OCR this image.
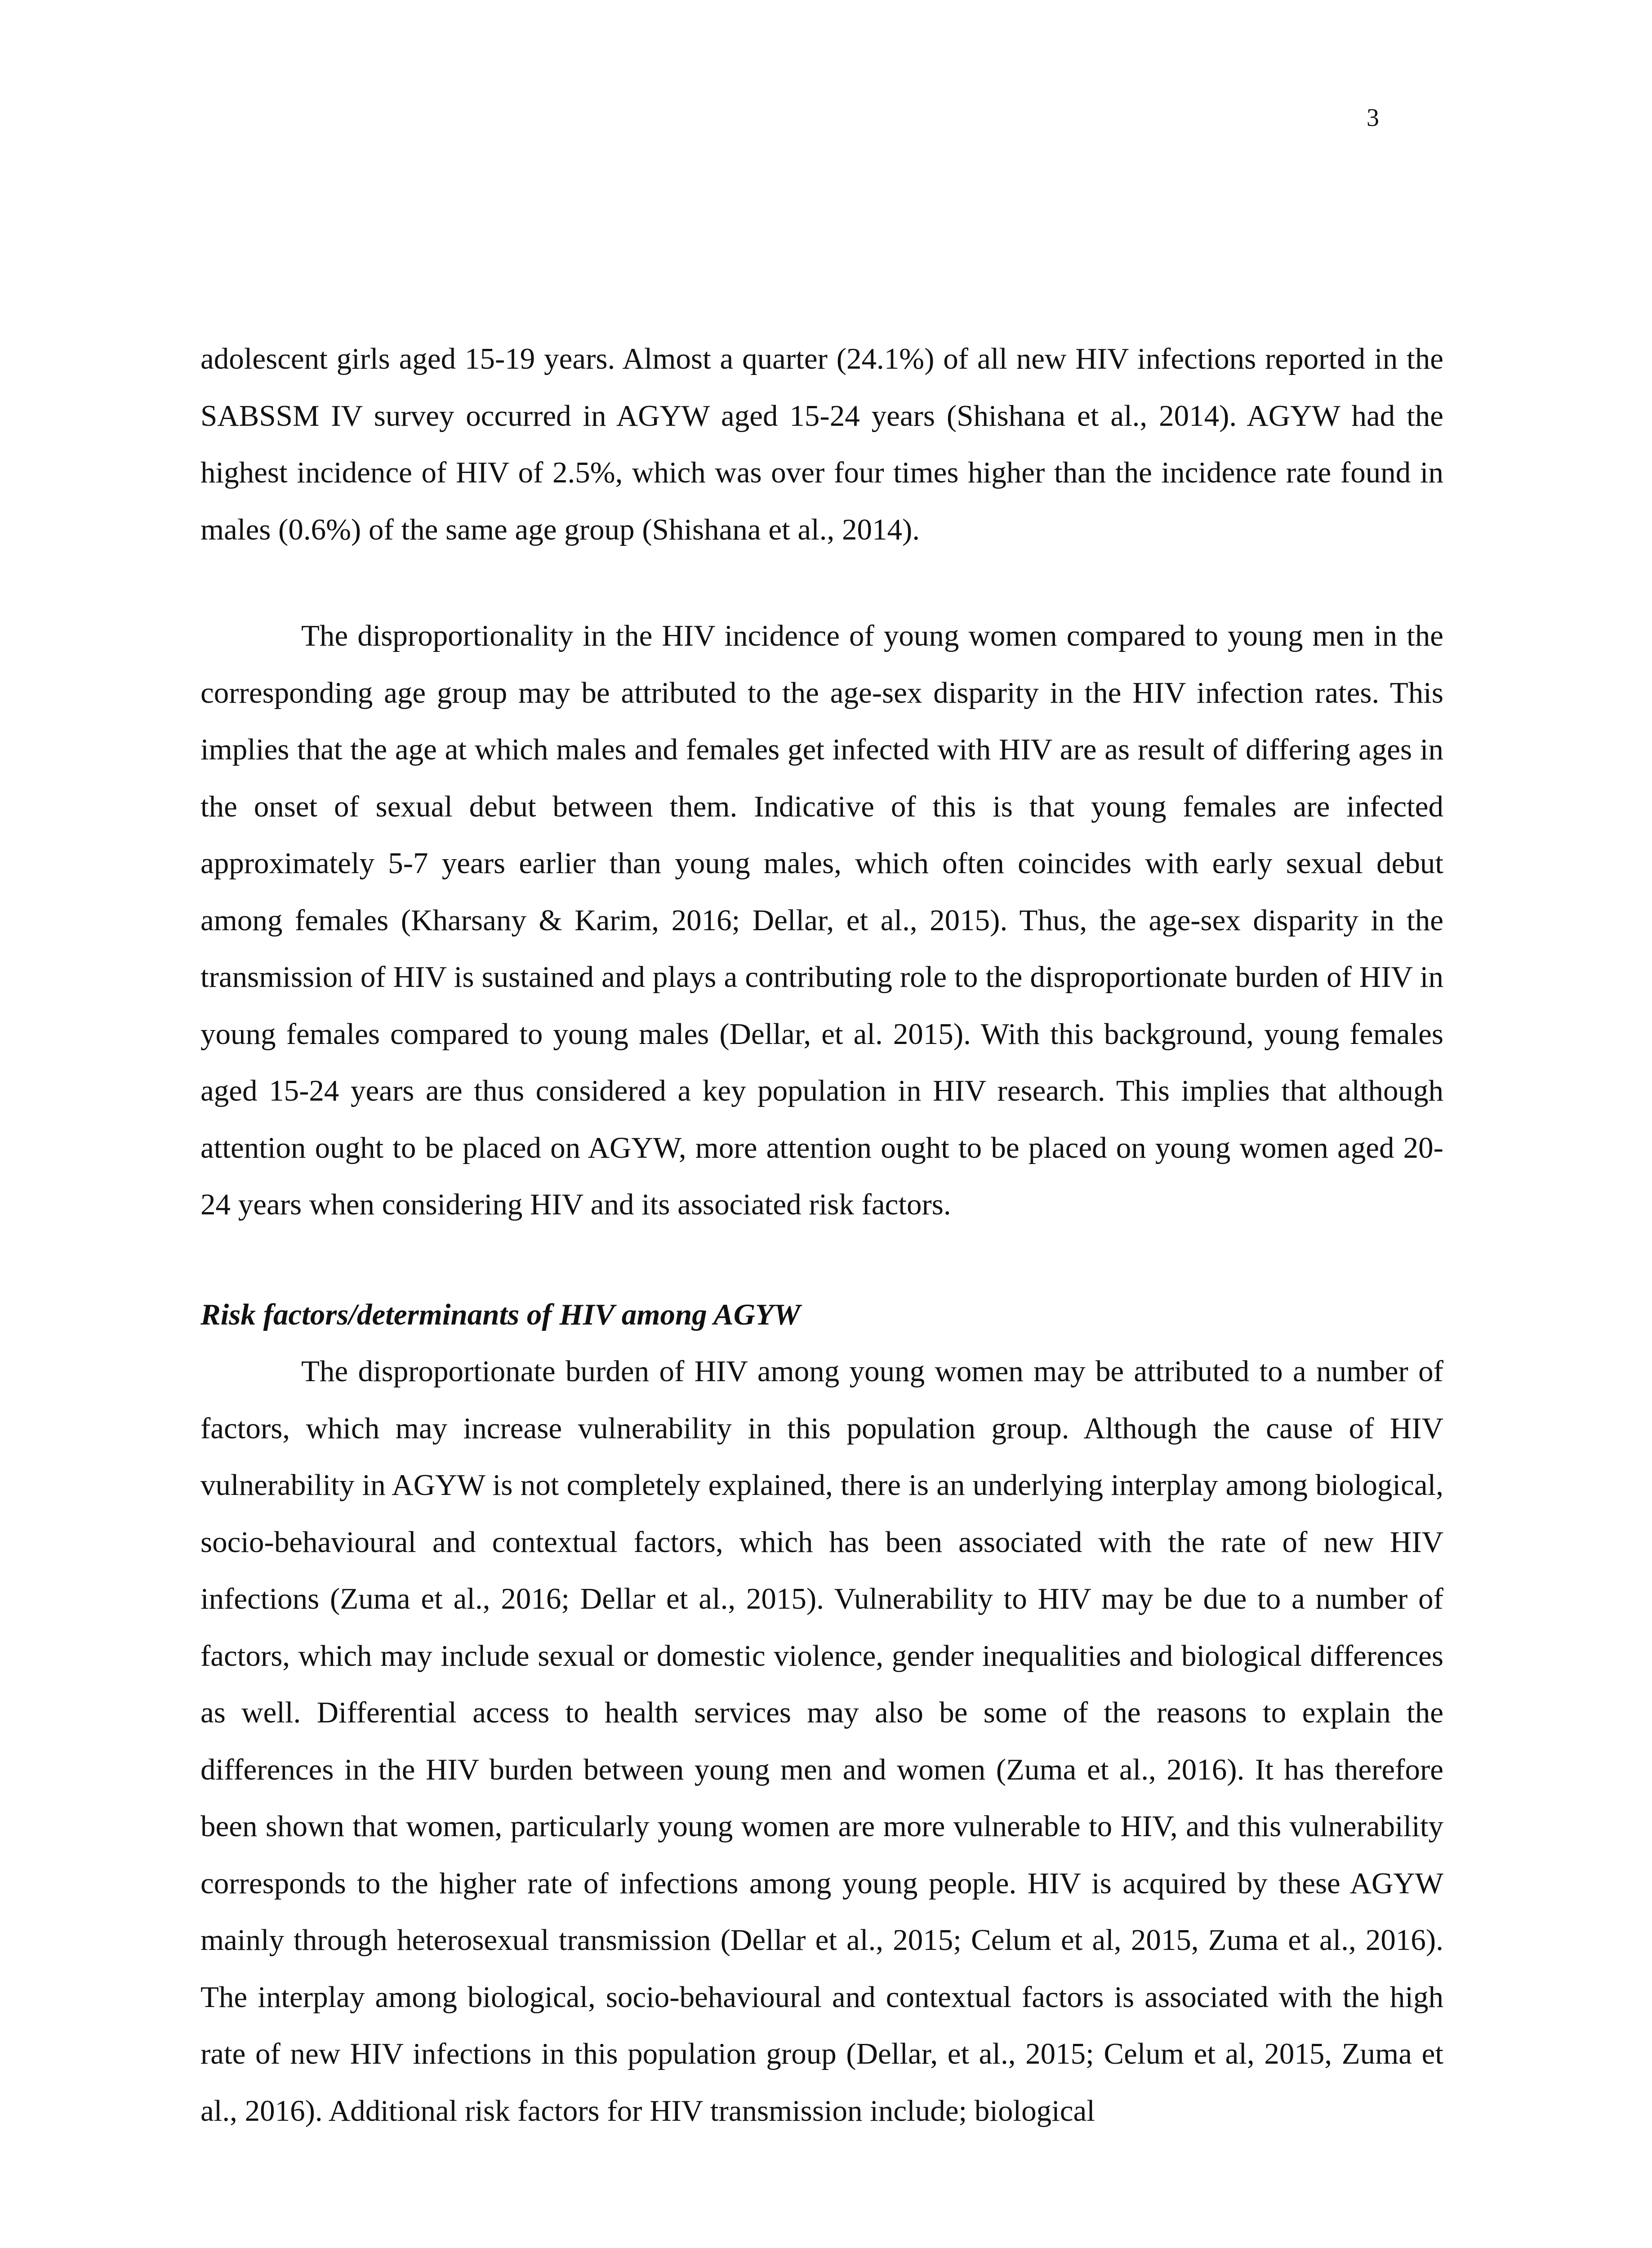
3

adolescent girls aged 15-19 years. Almost a quarter (24.1%) of all new HIV infections reported in the SABSSM IV survey occurred in AGYW aged 15-24 years (Shishana et al., 2014). AGYW had the highest incidence of HIV of 2.5%, which was over four times higher than the incidence rate found in males (0.6%) of the same age group (Shishana et al., 2014).

The disproportionality in the HIV incidence of young women compared to young men in the corresponding age group may be attributed to the age-sex disparity in the HIV infection rates. This implies that the age at which males and females get infected with HIV are as result of differing ages in the onset of sexual debut between them. Indicative of this is that young females are infected approximately 5-7 years earlier than young males, which often coincides with early sexual debut among females (Kharsany & Karim, 2016; Dellar, et al., 2015). Thus, the age-sex disparity in the transmission of HIV is sustained and plays a contributing role to the disproportionate burden of HIV in young females compared to young males (Dellar, et al. 2015). With this background, young females aged 15-24 years are thus considered a key population in HIV research. This implies that although attention ought to be placed on AGYW, more attention ought to be placed on young women aged 20-24 years when considering HIV and its associated risk factors.

Risk factors/determinants of HIV among AGYW

The disproportionate burden of HIV among young women may be attributed to a number of factors, which may increase vulnerability in this population group. Although the cause of HIV vulnerability in AGYW is not completely explained, there is an underlying interplay among biological, socio-behavioural and contextual factors, which has been associated with the rate of new HIV infections (Zuma et al., 2016; Dellar et al., 2015). Vulnerability to HIV may be due to a number of factors, which may include sexual or domestic violence, gender inequalities and biological differences as well. Differential access to health services may also be some of the reasons to explain the differences in the HIV burden between young men and women (Zuma et al., 2016). It has therefore been shown that women, particularly young women are more vulnerable to HIV, and this vulnerability corresponds to the higher rate of infections among young people. HIV is acquired by these AGYW mainly through heterosexual transmission (Dellar et al., 2015; Celum et al, 2015, Zuma et al., 2016). The interplay among biological, socio-behavioural and contextual factors is associated with the high rate of new HIV infections in this population group (Dellar, et al., 2015; Celum et al, 2015, Zuma et al., 2016). Additional risk factors for HIV transmission include; biological
